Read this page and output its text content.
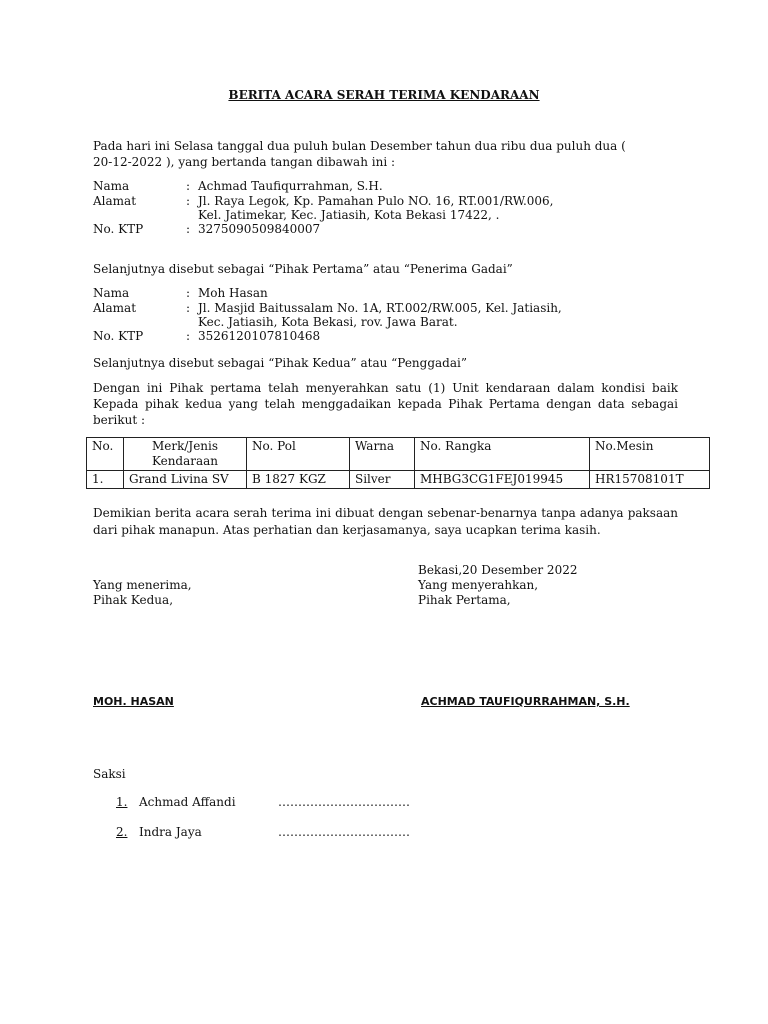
BERITA ACARA SERAH TERIMA KENDARAAN
Pada hari ini Selasa tanggal dua puluh bulan Desember tahun dua ribu dua puluh dua (
20-12-2022 ), yang bertanda tangan dibawah ini :
Nama	: Achmad Taufiqurrahman, S.H.
Alamat	: Jl. Raya Legok, Kp. Pamahan Pulo NO. 16, RT.001/RW.006,
Kel. Jatimekar, Kec. Jatiasih, Kota Bekasi 17422, .
No. KTP	: 3275090509840007
Selanjutnya disebut sebagai “Pihak Pertama” atau “Penerima Gadai”
Nama	: Moh Hasan
Alamat	: Jl. Masjid Baitussalam No. 1A, RT.002/RW.005, Kel. Jatiasih,
Kec. Jatiasih, Kota Bekasi, rov. Jawa Barat.
No. KTP	: 3526120107810468
Selanjutnya disebut sebagai “Pihak Kedua” atau “Penggadai”
Dengan ini Pihak pertama telah menyerahkan satu (1) Unit kendaraan dalam kondisi baik Kepada pihak kedua yang telah menggadaikan kepada Pihak Pertama dengan data sebagai berikut :
No.	Merk/Jenis Kendaraan	No. Pol	Warna	No. Rangka	No.Mesin
1.	Grand Livina SV	B 1827 KGZ	Silver	MHBG3CG1FEJ019945	HR15708101T
Demikian berita acara serah terima ini dibuat dengan sebenar-benarnya tanpa adanya paksaan dari pihak manapun. Atas perhatian dan kerjasamanya, saya ucapkan terima kasih.
Bekasi,20 Desember 2022
Yang menerima,
Pihak Kedua,
Yang menyerahkan,
Pihak Pertama,
MOH. HASAN	ACHMAD TAUFIQURRAHMAN, S.H.
Saksi
1. Achmad Affandi	……………………………
2. Indra Jaya	……………………………
